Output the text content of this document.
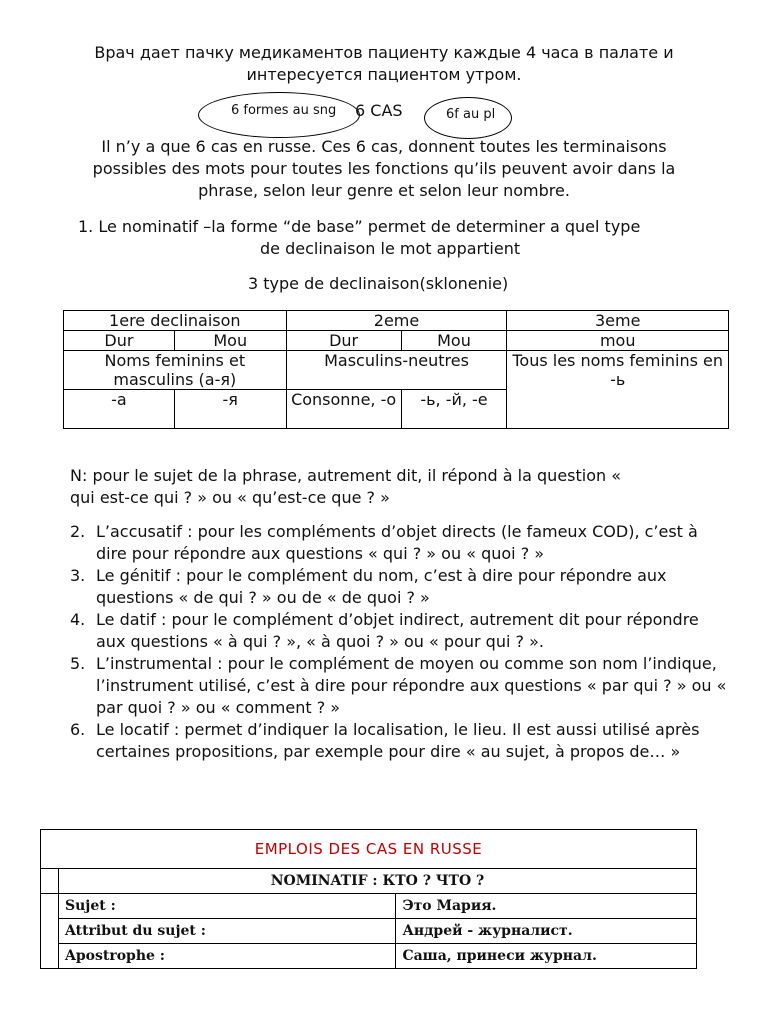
Врач дает пачку медикаментов пациенту каждые 4 часа в палате и
интересуется пациентом утром.
6 formes au sng	6 CAS	6f au pl
Il n’y a que 6 cas en russe. Ces 6 cas, donnent toutes les terminaisons
possibles des mots pour toutes les fonctions qu’ils peuvent avoir dans la
phrase, selon leur genre et selon leur nombre.
1. Le nominatif –la forme “de base” permet de determiner a quel type
de declinaison le mot appartient
3 type de declinaison(sklonenie)
1ere declinaison		2eme		3eme
Dur	Mou	Dur	Mou	mou
Noms feminins et masculins (а-я)		Masculins-neutres		Tous les noms feminins en -ь
-а	-я	Consonne, -о	-ь, -й, -е	
N: pour le sujet de la phrase, autrement dit, il répond à la question «
qui est-ce qui ? » ou « qu’est-ce que ? »
2. L’accusatif : pour les compléments d’objet directs (le fameux COD), c’est à dire pour répondre aux questions « qui ? » ou « quoi ? »
3. Le génitif : pour le complément du nom, c’est à dire pour répondre aux questions « de qui ? » ou de « de quoi ? »
4. Le datif : pour le complément d’objet indirect, autrement dit pour répondre aux questions « à qui ? », « à quoi ? » ou « pour qui ? ».
5. L’instrumental : pour le complément de moyen ou comme son nom l’indique, l’instrument utilisé, c’est à dire pour répondre aux questions « par qui ? » ou « par quoi ? » ou « comment ? »
6. Le locatif : permet d’indiquer la localisation, le lieu. Il est aussi utilisé après certaines propositions, par exemple pour dire « au sujet, à propos de… »
EMPLOIS DES CAS EN RUSSE		
	NOMINATIF : КТО ? ЧТО ?	
	Sujet :	Это Мария.
	Attribut du sujet :	Андрей - журналист.
	Apostrophe :	Саша, принеси журнал.
